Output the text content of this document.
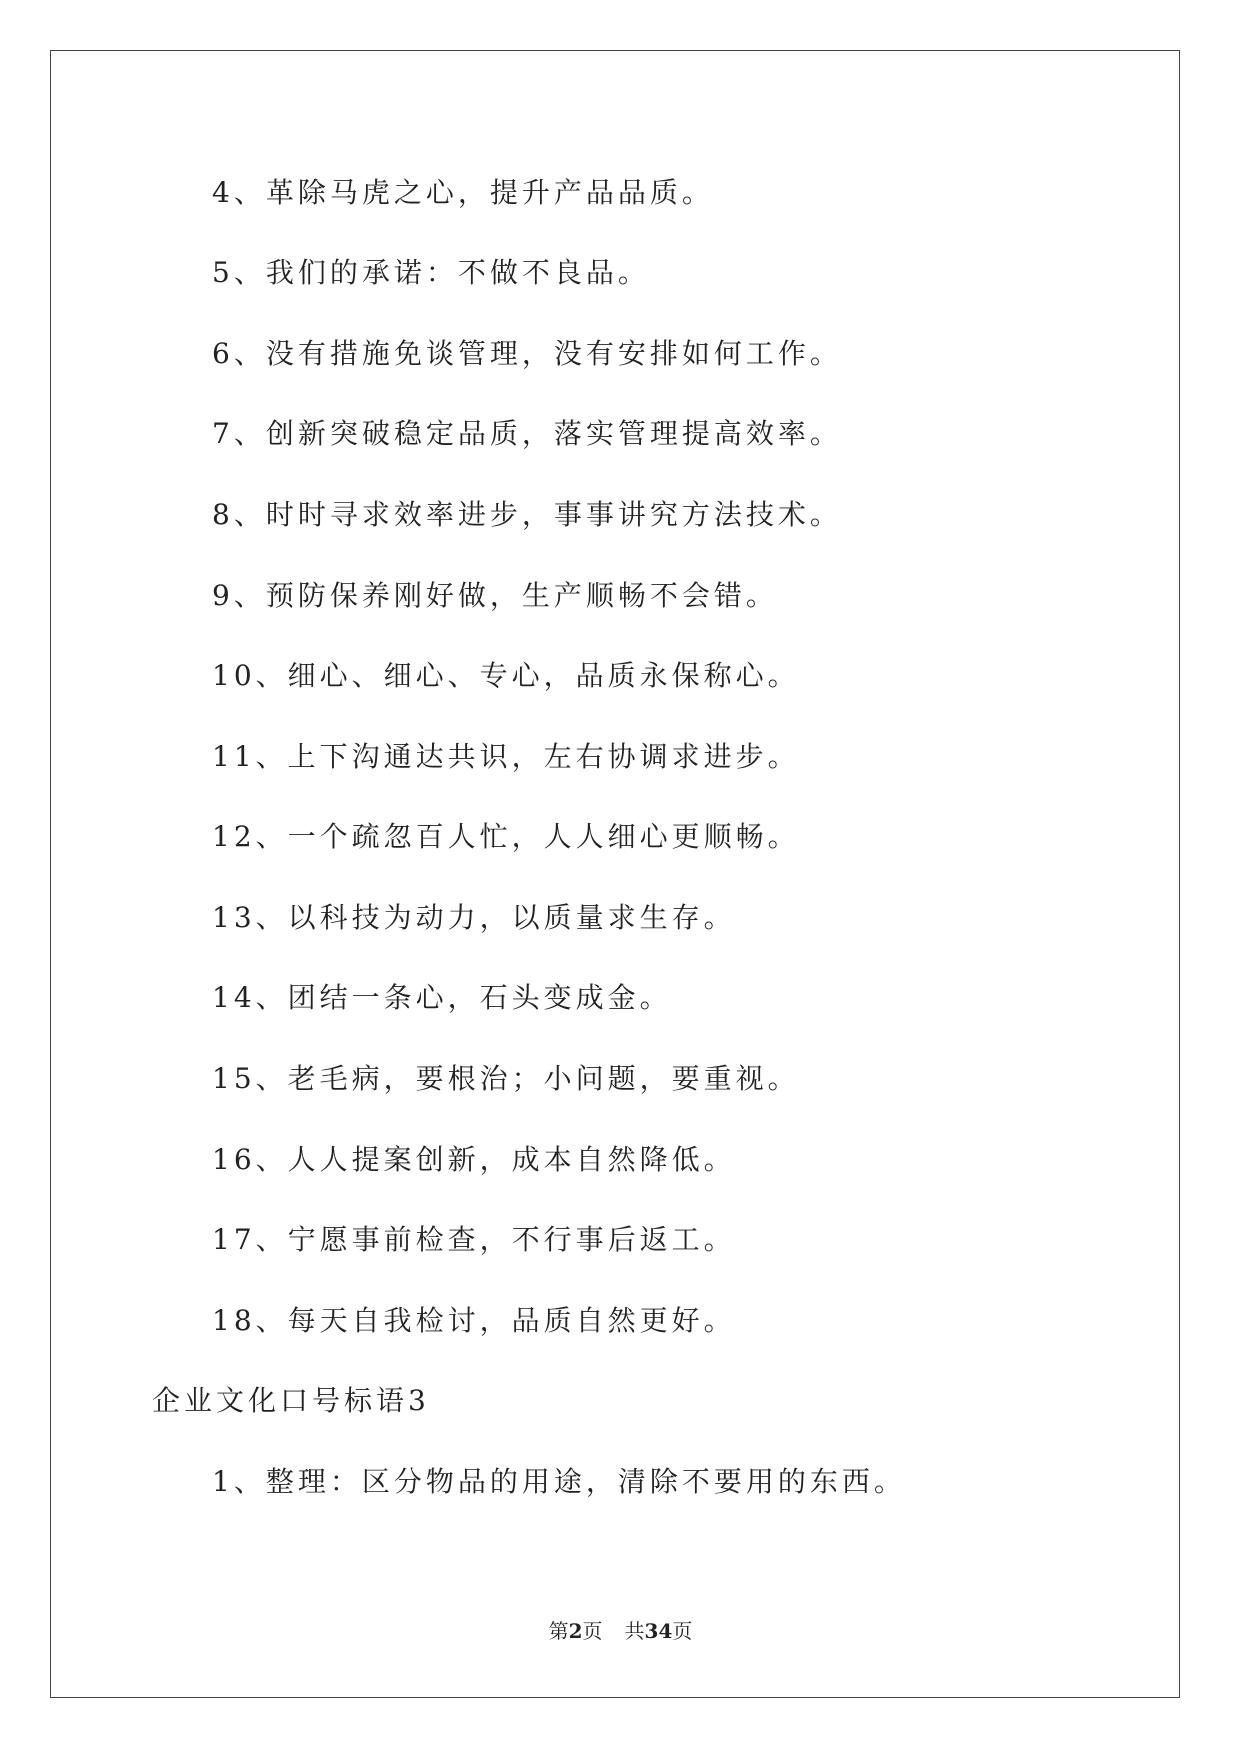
4、革除马虎之心，提升产品品质。
5、我们的承诺：不做不良品。
6、没有措施免谈管理，没有安排如何工作。
7、创新突破稳定品质，落实管理提高效率。
8、时时寻求效率进步，事事讲究方法技术。
9、预防保养刚好做，生产顺畅不会错。
10、细心、细心、专心，品质永保称心。
11、上下沟通达共识，左右协调求进步。
12、一个疏忽百人忙，人人细心更顺畅。
13、以科技为动力，以质量求生存。
14、团结一条心，石头变成金。
15、老毛病，要根治；小问题，要重视。
16、人人提案创新，成本自然降低。
17、宁愿事前检查，不行事后返工。
18、每天自我检讨，品质自然更好。
企业文化口号标语3
1、整理：区分物品的用途，清除不要用的东西。
第2页 共34页
